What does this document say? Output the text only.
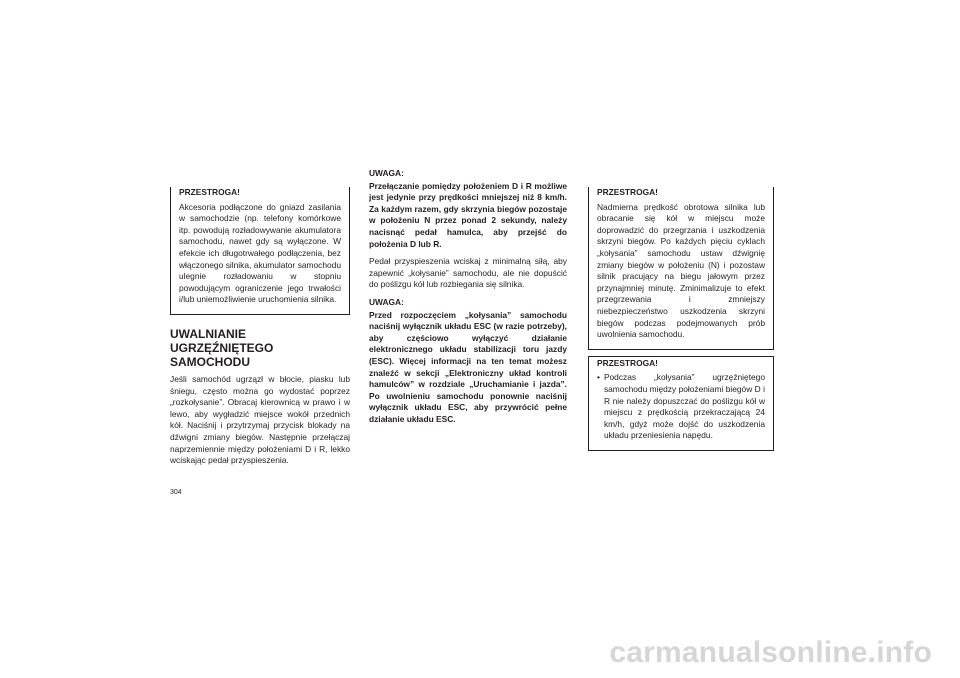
PRZESTROGA!

Akcesoria podłączone do gniazd zasilania w samochodzie (np. telefony komórkowe itp. powodują rozładowywanie akumulatora samochodu, nawet gdy są wyłączone. W efekcie ich długotrwałego podłączenia, bez włączonego silnika, akumulator samochodu ulegnie rozładowaniu w stopniu powodującym ograniczenie jego trwałości i/lub uniemożliwienie uruchomienia silnika.

UWALNIANIE UGRZĘŹNIĘTEGO SAMOCHODU

Jeśli samochód ugrzązł w błocie, piasku lub śniegu, często można go wydostać poprzez „rozkołysanie”. Obracaj kierownicą w prawo i w lewo, aby wygładzić miejsce wokół przednich kół. Naciśnij i przytrzymaj przycisk blokady na dźwigni zmiany biegów. Następnie przełączaj naprzemiennie między położeniami D i R, lekko wciskając pedał przyspieszenia.

UWAGA:

Przełączanie pomiędzy położeniem D i R możliwe jest jedynie przy prędkości mniejszej niż 8 km/h. Za każdym razem, gdy skrzynia biegów pozostaje w położeniu N przez ponad 2 sekundy, należy nacisnąć pedał hamulca, aby przejść do położenia D lub R.

Pedał przyspieszenia wciskaj z minimalną siłą, aby zapewnić „kołysanie” samochodu, ale nie dopuścić do poślizgu kół lub rozbiegania się silnika.

UWAGA:

Przed rozpoczęciem „kołysania” samochodu naciśnij wyłącznik układu ESC (w razie potrzeby), aby częściowo wyłączyć działanie elektronicznego układu stabilizacji toru jazdy (ESC). Więcej informacji na ten temat możesz znaleźć w sekcji „Elektroniczny układ kontroli hamulców” w rozdziale „Uruchamianie i jazda”. Po uwolnieniu samochodu ponownie naciśnij wyłącznik układu ESC, aby przywrócić pełne działanie układu ESC.

PRZESTROGA!

Nadmierna prędkość obrotowa silnika lub obracanie się kół w miejscu może doprowadzić do przegrzania i uszkodzenia skrzyni biegów. Po każdych pięciu cyklach „kołysania” samochodu ustaw dźwignię zmiany biegów w położeniu (N) i pozostaw silnik pracujący na biegu jałowym przez przynajmniej minutę. Zminimalizuje to efekt przegrzewania i zmniejszy niebezpieczeństwo uszkodzenia skrzyni biegów podczas podejmowanych prób uwolnienia samochodu.

PRZESTROGA!
• Podczas „kołysania” ugrzęźniętego samochodu między położeniami biegów D i R nie należy dopuszczać do poślizgu kół w miejscu z prędkością przekraczającą 24 km/h, gdyż może dojść do uszkodzenia układu przeniesienia napędu.
304
carmanualsonline.info
